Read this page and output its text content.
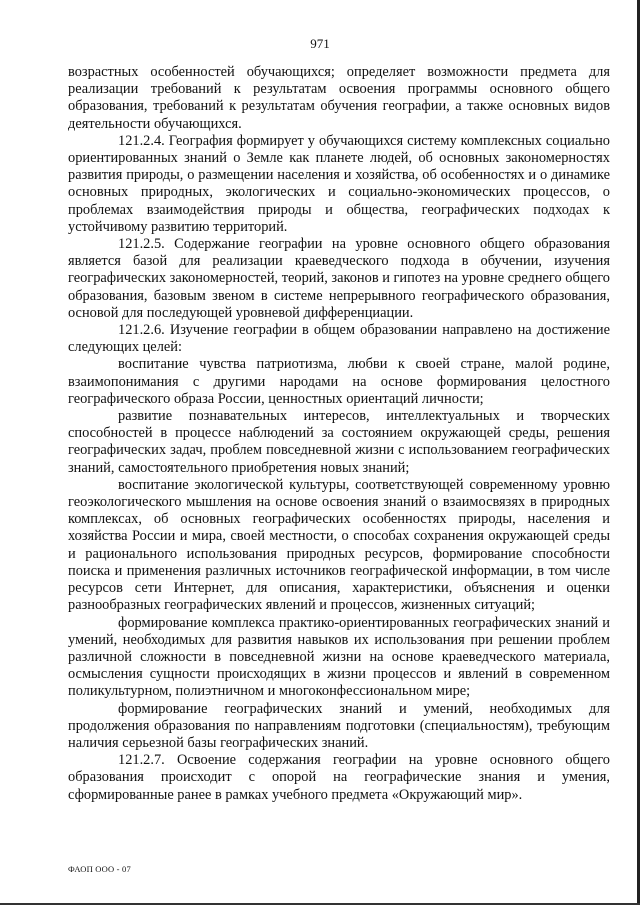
971

возрастных особенностей обучающихся; определяет возможности предмета для реализации требований к результатам освоения программы основного общего образования, требований к результатам обучения географии, а также основных видов деятельности обучающихся.

121.2.4. География формирует у обучающихся систему комплексных социально ориентированных знаний о Земле как планете людей, об основных закономерностях развития природы, о размещении населения и хозяйства, об особенностях и о динамике основных природных, экологических и социально-экономических процессов, о проблемах взаимодействия природы и общества, географических подходах к устойчивому развитию территорий.

121.2.5. Содержание географии на уровне основного общего образования является базой для реализации краеведческого подхода в обучении, изучения географических закономерностей, теорий, законов и гипотез на уровне среднего общего образования, базовым звеном в системе непрерывного географического образования, основой для последующей уровневой дифференциации.

121.2.6. Изучение географии в общем образовании направлено на достижение следующих целей:

воспитание чувства патриотизма, любви к своей стране, малой родине, взаимопонимания с другими народами на основе формирования целостного географического образа России, ценностных ориентаций личности;

развитие познавательных интересов, интеллектуальных и творческих способностей в процессе наблюдений за состоянием окружающей среды, решения географических задач, проблем повседневной жизни с использованием географических знаний, самостоятельного приобретения новых знаний;

воспитание экологической культуры, соответствующей современному уровню геоэкологического мышления на основе освоения знаний о взаимосвязях в природных комплексах, об основных географических особенностях природы, населения и хозяйства России и мира, своей местности, о способах сохранения окружающей среды и рационального использования природных ресурсов, формирование способности поиска и применения различных источников географической информации, в том числе ресурсов сети Интернет, для описания, характеристики, объяснения и оценки разнообразных географических явлений и процессов, жизненных ситуаций;

формирование комплекса практико-ориентированных географических знаний и умений, необходимых для развития навыков их использования при решении проблем различной сложности в повседневной жизни на основе краеведческого материала, осмысления сущности происходящих в жизни процессов и явлений в современном поликультурном, полиэтничном и многоконфессиональном мире;

формирование географических знаний и умений, необходимых для продолжения образования по направлениям подготовки (специальностям), требующим наличия серьезной базы географических знаний.

121.2.7. Освоение содержания географии на уровне основного общего образования происходит с опорой на географические знания и умения, сформированные ранее в рамках учебного предмета «Окружающий мир».

ФАОП ООО - 07
